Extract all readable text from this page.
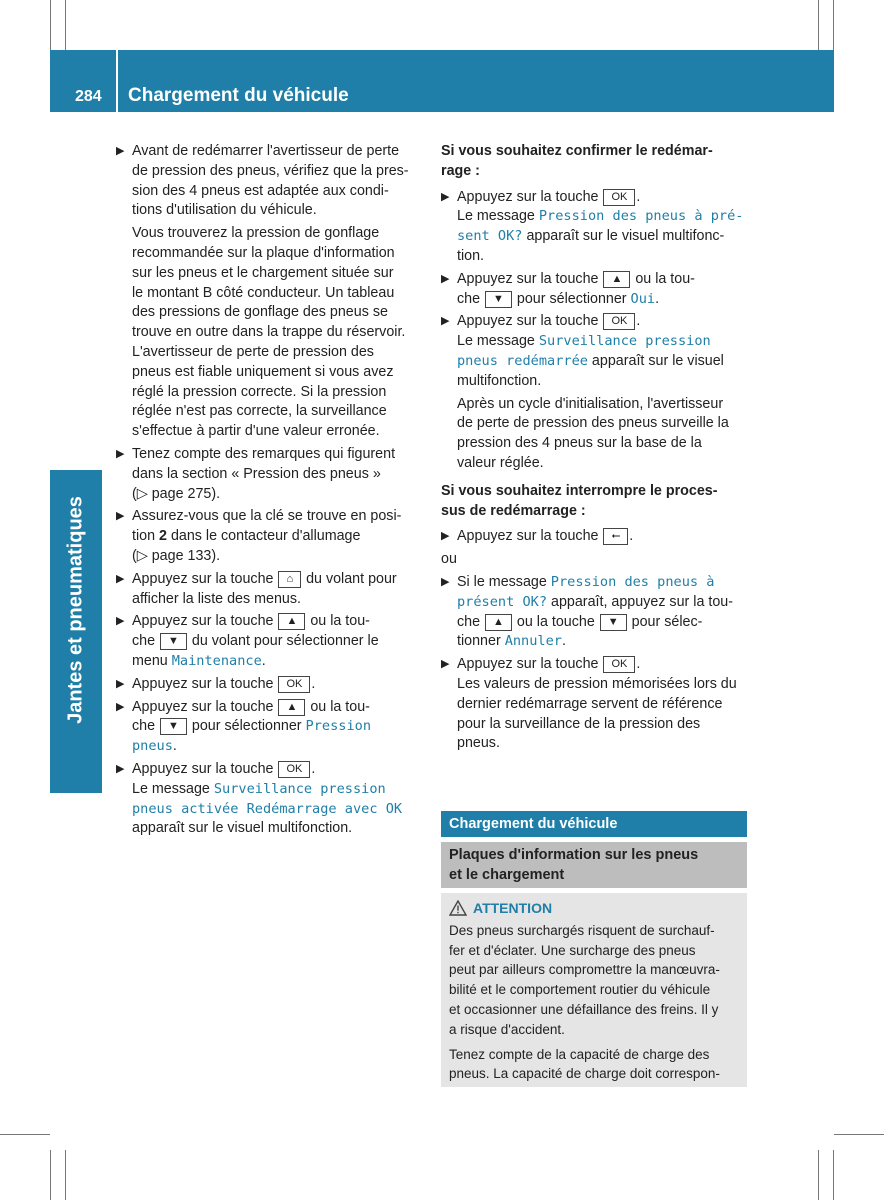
284 Chargement du véhicule
Jantes et pneumatiques
▶ Avant de redémarrer l'avertisseur de perte
de pression des pneus, vérifiez que la pres-
sion des 4 pneus est adaptée aux condi-
tions d'utilisation du véhicule.
Vous trouverez la pression de gonflage
recommandée sur la plaque d'information
sur les pneus et le chargement située sur
le montant B côté conducteur. Un tableau
des pressions de gonflage des pneus se
trouve en outre dans la trappe du réservoir.
L'avertisseur de perte de pression des
pneus est fiable uniquement si vous avez
réglé la pression correcte. Si la pression
réglée n'est pas correcte, la surveillance
s'effectue à partir d'une valeur erronée.
▶ Tenez compte des remarques qui figurent
dans la section « Pression des pneus »
(▷ page 275).
▶ Assurez-vous que la clé se trouve en posi-
tion 2 dans le contacteur d'allumage
(▷ page 133).
▶ Appuyez sur la touche ⌂ du volant pour
afficher la liste des menus.
▶ Appuyez sur la touche ▲ ou la tou-
che ▼ du volant pour sélectionner le
menu Maintenance.
▶ Appuyez sur la touche OK .
▶ Appuyez sur la touche ▲ ou la tou-
che ▼ pour sélectionner Pression
pneus.
▶ Appuyez sur la touche OK .
Le message Surveillance pression
pneus activée Redémarrage avec OK
apparaît sur le visuel multifonction.
Si vous souhaitez confirmer le redémar-
rage :
▶ Appuyez sur la touche OK .
Le message Pression des pneus à pré-
sent OK? apparaît sur le visuel multifonc-
tion.
▶ Appuyez sur la touche ▲ ou la tou-
che ▼ pour sélectionner Oui.
▶ Appuyez sur la touche OK .
Le message Surveillance pression
pneus redémarrée apparaît sur le visuel
multifonction.
Après un cycle d'initialisation, l'avertisseur
de perte de pression des pneus surveille la
pression des 4 pneus sur la base de la
valeur réglée.
Si vous souhaitez interrompre le proces-
sus de redémarrage :
▶ Appuyez sur la touche ⭠ .
ou
▶ Si le message Pression des pneus à
présent OK? apparaît, appuyez sur la tou-
che ▲ ou la touche ▼ pour sélec-
tionner Annuler.
▶ Appuyez sur la touche OK .
Les valeurs de pression mémorisées lors du
dernier redémarrage servent de référence
pour la surveillance de la pression des
pneus.
Chargement du véhicule
Plaques d'information sur les pneus
et le chargement
ATTENTION
Des pneus surchargés risquent de surchauf-
fer et d'éclater. Une surcharge des pneus
peut par ailleurs compromettre la manœuvra-
bilité et le comportement routier du véhicule
et occasionner une défaillance des freins. Il y
a risque d'accident.
Tenez compte de la capacité de charge des
pneus. La capacité de charge doit correspon-
